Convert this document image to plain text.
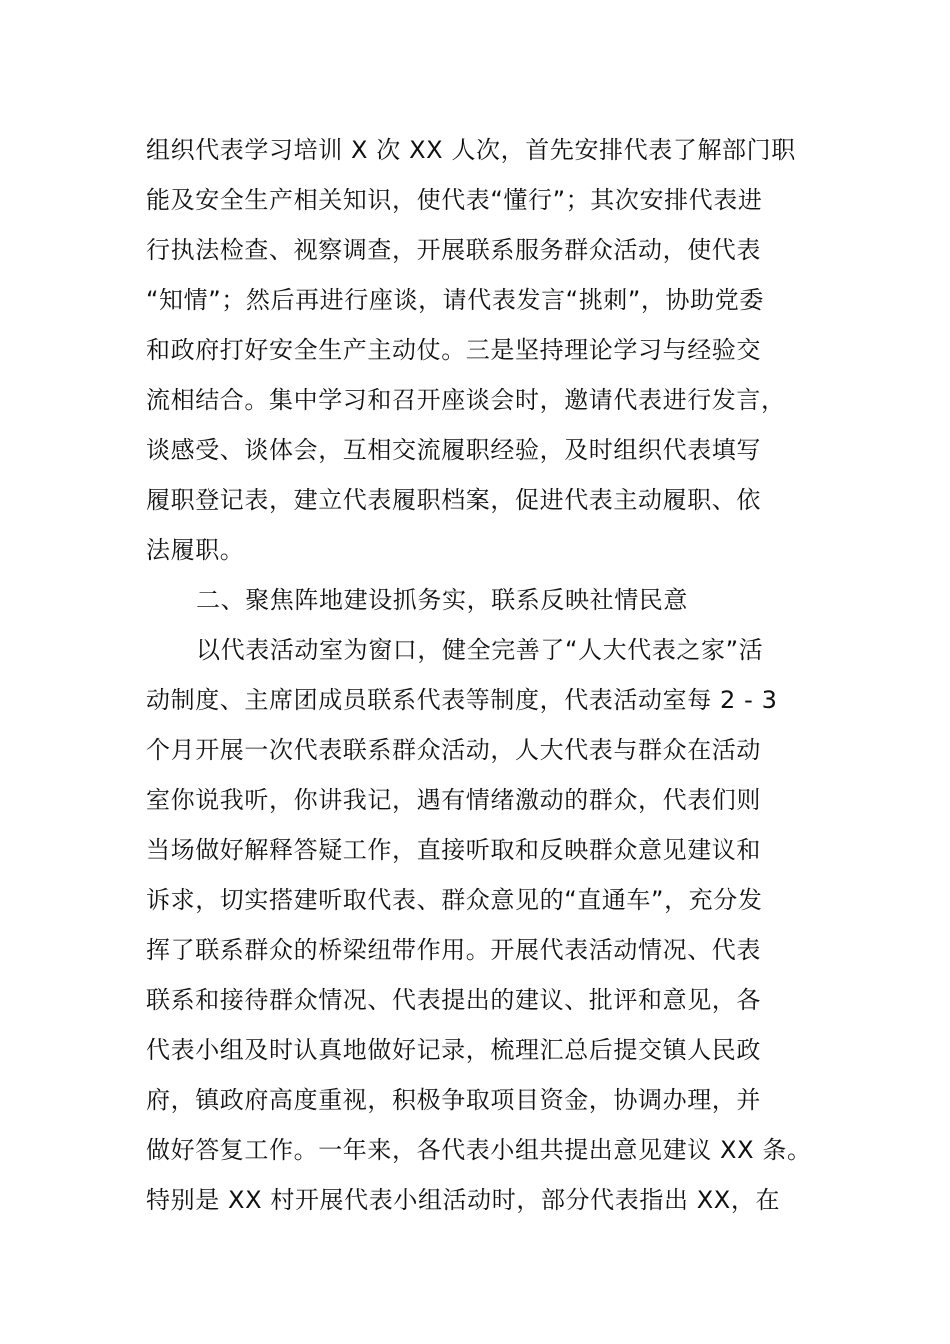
组织代表学习培训 X 次 XX 人次，首先安排代表了解部门职
能及安全生产相关知识，使代表“懂行”；其次安排代表进
行执法检查、视察调查，开展联系服务群众活动，使代表
“知情”；然后再进行座谈，请代表发言“挑刺”，协助党委
和政府打好安全生产主动仗。三是坚持理论学习与经验交
流相结合。集中学习和召开座谈会时，邀请代表进行发言，
谈感受、谈体会，互相交流履职经验，及时组织代表填写
履职登记表，建立代表履职档案，促进代表主动履职、依
法履职。
二、聚焦阵地建设抓务实，联系反映社情民意
以代表活动室为窗口，健全完善了“人大代表之家”活
动制度、主席团成员联系代表等制度，代表活动室每 2 - 3
个月开展一次代表联系群众活动，人大代表与群众在活动
室你说我听，你讲我记，遇有情绪激动的群众，代表们则
当场做好解释答疑工作，直接听取和反映群众意见建议和
诉求，切实搭建听取代表、群众意见的“直通车”，充分发
挥了联系群众的桥梁纽带作用。开展代表活动情况、代表
联系和接待群众情况、代表提出的建议、批评和意见，各
代表小组及时认真地做好记录，梳理汇总后提交镇人民政
府，镇政府高度重视，积极争取项目资金，协调办理，并
做好答复工作。一年来，各代表小组共提出意见建议 XX 条。
特别是 XX 村开展代表小组活动时，部分代表指出 XX，在
